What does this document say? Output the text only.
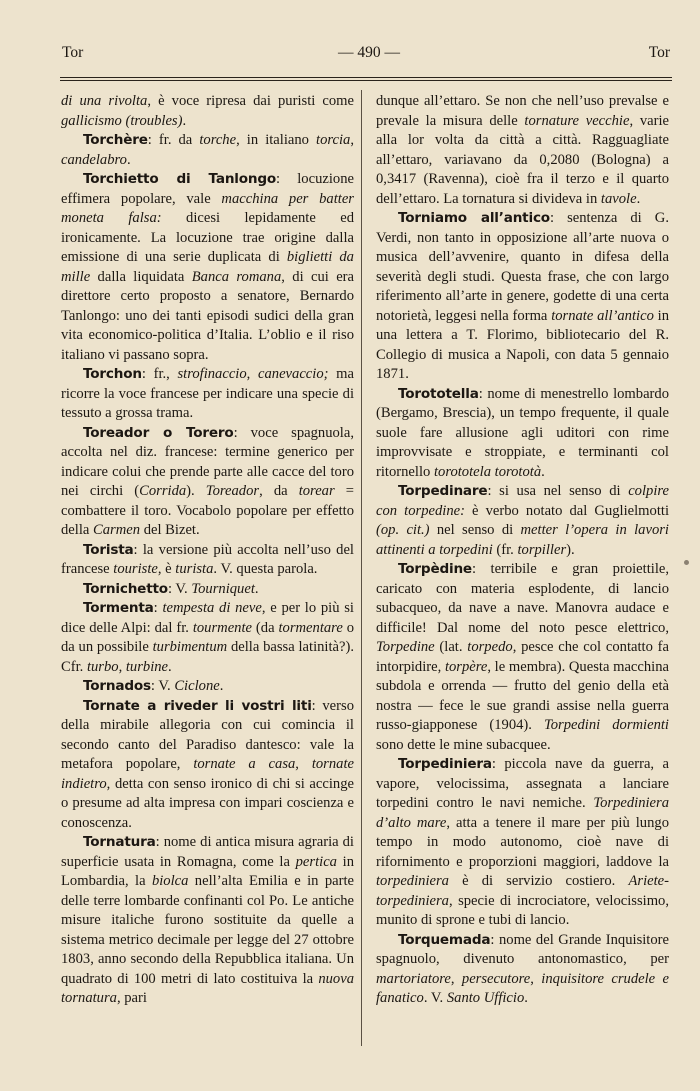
Tor	— 490 —	Tor

di una rivolta, è voce ripresa dai puristi come gallicismo (troubles).

Torchère: fr. da torche, in italiano torcia, candelabro.

Torchietto di Tanlongo: locuzione effimera popolare, vale macchina per batter moneta falsa: dicesi lepidamente ed ironicamente. La locuzione trae origine dalla emissione di una serie duplicata di biglietti da mille dalla liquidata Banca romana, di cui era direttore certo proposto a senatore, Bernardo Tanlongo: uno dei tanti episodi sudici della gran vita economico-politica d’Italia. L’oblio e il riso italiano vi passano sopra.

Torchon: fr., strofinaccio, canevaccio; ma ricorre la voce francese per indicare una specie di tessuto a grossa trama.

Toreador o Torero: voce spagnuola, accolta nel diz. francese: termine generico per indicare colui che prende parte alle cacce del toro nei circhi (Corrida). Toreador, da torear = combattere il toro. Vocabolo popolare per effetto della Carmen del Bizet.

Torista: la versione più accolta nell’uso del francese touriste, è turista. V. questa parola.

Tornichetto: V. Tourniquet.

Tormenta: tempesta di neve, e per lo più si dice delle Alpi: dal fr. tourmente (da tormentare o da un possibile turbimentum della bassa latinità?). Cfr. turbo, turbine.

Tornados: V. Ciclone.

Tornate a riveder li vostri liti: verso della mirabile allegoria con cui comincia il secondo canto del Paradiso dantesco: vale la metafora popolare, tornate a casa, tornate indietro, detta con senso ironico di chi si accinge o presume ad alta impresa con impari coscienza e conoscenza.

Tornatura: nome di antica misura agraria di superficie usata in Romagna, come la pertica in Lombardia, la biolca nell’alta Emilia e in parte delle terre lombarde confinanti col Po. Le antiche misure italiche furono sostituite da quelle a sistema metrico decimale per legge del 27 ottobre 1803, anno secondo della Repubblica italiana. Un quadrato di 100 metri di lato costituiva la nuova tornatura, pari

dunque all’ettaro. Se non che nell’uso prevalse e prevale la misura delle tornature vecchie, varie alla lor volta da città a città. Ragguagliate all’ettaro, variavano da 0,2080 (Bologna) a 0,3417 (Ravenna), cioè fra il terzo e il quarto dell’ettaro. La tornatura si divideva in tavole.

Torniamo all’antico: sentenza di G. Verdi, non tanto in opposizione all’arte nuova o musica dell’avvenire, quanto in difesa della severità degli studi. Questa frase, che con largo riferimento all’arte in genere, godette di una certa notorietà, leggesi nella forma tornate all’antico in una lettera a T. Florimo, bibliotecario del R. Collegio di musica a Napoli, con data 5 gennaio 1871.

Torototella: nome di menestrello lombardo (Bergamo, Brescia), un tempo frequente, il quale suole fare allusione agli uditori con rime improvvisate e stroppiate, e terminanti col ritornello torototela torototà.

Torpedinare: si usa nel senso di colpire con torpedine: è verbo notato dal Guglielmotti (op. cit.) nel senso di metter l’opera in lavori attinenti a torpedini (fr. torpiller).

Torpèdine: terribile e gran proiettile, caricato con materia esplodente, di lancio subacqueo, da nave a nave. Manovra audace e difficile! Dal nome del noto pesce elettrico, Torpedine (lat. torpedo, pesce che col contatto fa intorpidire, torpère, le membra). Questa macchina subdola e orrenda — frutto del genio della età nostra — fece le sue grandi assise nella guerra russo-giapponese (1904). Torpedini dormienti sono dette le mine subacquee.

Torpediniera: piccola nave da guerra, a vapore, velocissima, assegnata a lanciare torpedini contro le navi nemiche. Torpediniera d’alto mare, atta a tenere il mare per più lungo tempo in modo autonomo, cioè nave di rifornimento e proporzioni maggiori, laddove la torpediniera è di servizio costiero. Ariete-torpediniera, specie di incrociatore, velocissimo, munito di sprone e tubi di lancio.

Torquemada: nome del Grande Inquisitore spagnuolo, divenuto antonomastico, per martoriatore, persecutore, inquisitore crudele e fanatico. V. Santo Ufficio.
